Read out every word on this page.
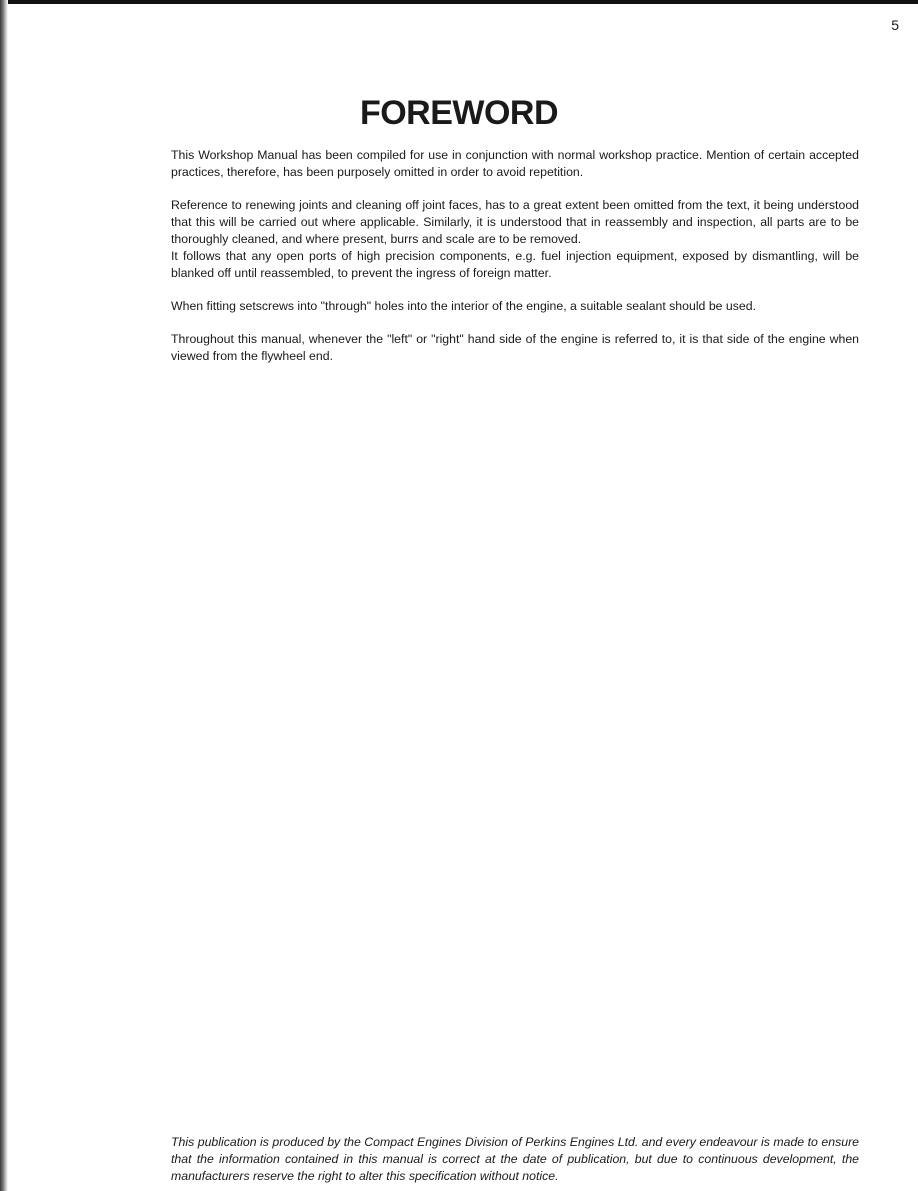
5
FOREWORD

This Workshop Manual has been compiled for use in conjunction with normal workshop practice. Mention of certain accepted practices, therefore, has been purposely omitted in order to avoid repetition.

Reference to renewing joints and cleaning off joint faces, has to a great extent been omitted from the text, it being understood that this will be carried out where applicable. Similarly, it is understood that in reassembly and inspection, all parts are to be thoroughly cleaned, and where present, burrs and scale are to be removed.

It follows that any open ports of high precision components, e.g. fuel injection equipment, exposed by dismantling, will be blanked off until reassembled, to prevent the ingress of foreign matter.

When fitting setscrews into "through" holes into the interior of the engine, a suitable sealant should be used.

Throughout this manual, whenever the "left" or "right" hand side of the engine is referred to, it is that side of the engine when viewed from the flywheel end.

This publication is produced by the Compact Engines Division of Perkins Engines Ltd. and every endeavour is made to ensure that the information contained in this manual is correct at the date of publication, but due to continuous development, the manufacturers reserve the right to alter this specification without notice.
